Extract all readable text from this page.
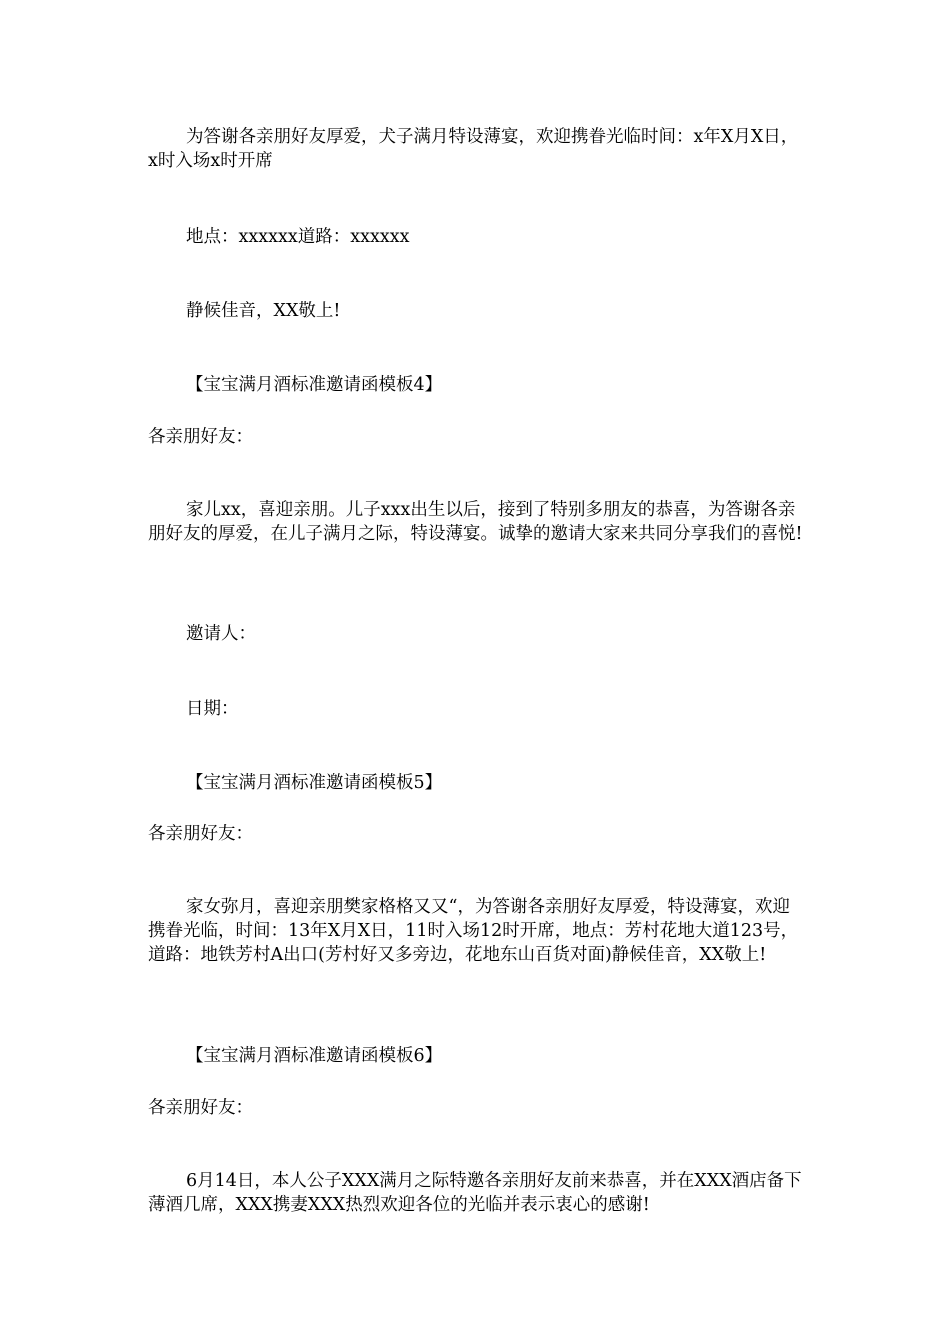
为答谢各亲朋好友厚爱，犬子满月特设薄宴，欢迎携眷光临时间：x年X月X日，x时入场x时开席

地点：xxxxxx道路：xxxxxx

静候佳音，XX敬上!

【宝宝满月酒标准邀请函模板4】

各亲朋好友：

家儿xx，喜迎亲朋。儿子xxx出生以后，接到了特别多朋友的恭喜，为答谢各亲朋好友的厚爱，在儿子满月之际，特设薄宴。诚挚的邀请大家来共同分享我们的喜悦!

邀请人：

日期：

【宝宝满月酒标准邀请函模板5】

各亲朋好友：

家女弥月，喜迎亲朋樊家格格又又“，为答谢各亲朋好友厚爱，特设薄宴，欢迎携眷光临，时间：13年X月X日，11时入场12时开席，地点：芳村花地大道123号，道路：地铁芳村A出口(芳村好又多旁边，花地东山百货对面)静候佳音，XX敬上!

【宝宝满月酒标准邀请函模板6】

各亲朋好友：

6月14日，本人公子XXX满月之际特邀各亲朋好友前来恭喜，并在XXX酒店备下薄酒几席，XXX携妻XXX热烈欢迎各位的光临并表示衷心的感谢!
